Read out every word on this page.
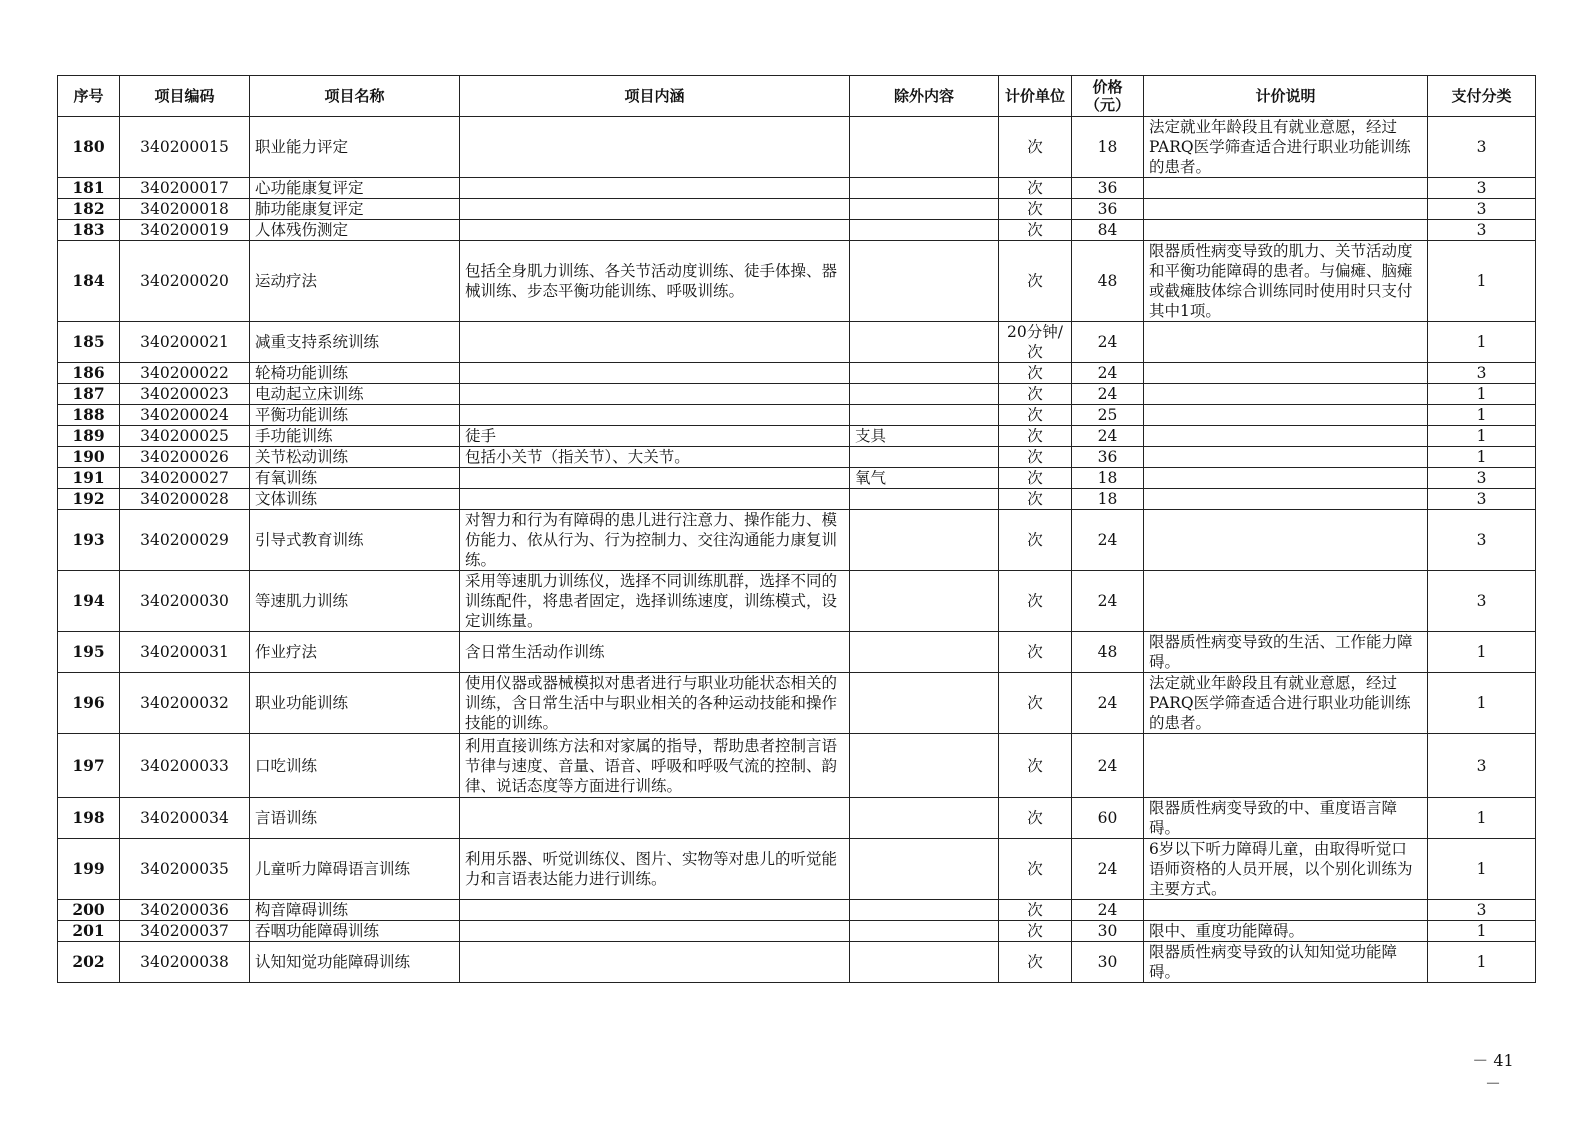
序号	项目编码	项目名称	项目内涵	除外内容	计价单位	价格（元）	计价说明	支付分类
180	340200015	职业能力评定			次	18	法定就业年龄段且有就业意愿，经过PARQ医学筛查适合进行职业功能训练的患者。	3
181	340200017	心功能康复评定			次	36		3
182	340200018	肺功能康复评定			次	36		3
183	340200019	人体残伤测定			次	84		3
184	340200020	运动疗法	包括全身肌力训练、各关节活动度训练、徒手体操、器械训练、步态平衡功能训练、呼吸训练。		次	48	限器质性病变导致的肌力、关节活动度和平衡功能障碍的患者。与偏瘫、脑瘫或截瘫肢体综合训练同时使用时只支付其中1项。	1
185	340200021	减重支持系统训练			20分钟/次	24		1
186	340200022	轮椅功能训练			次	24		3
187	340200023	电动起立床训练			次	24		1
188	340200024	平衡功能训练			次	25		1
189	340200025	手功能训练	徒手	支具	次	24		1
190	340200026	关节松动训练	包括小关节（指关节）、大关节。		次	36		1
191	340200027	有氧训练		氧气	次	18		3
192	340200028	文体训练			次	18		3
193	340200029	引导式教育训练	对智力和行为有障碍的患儿进行注意力、操作能力、模仿能力、依从行为、行为控制力、交往沟通能力康复训练。		次	24		3
194	340200030	等速肌力训练	采用等速肌力训练仪，选择不同训练肌群，选择不同的训练配件，将患者固定，选择训练速度，训练模式，设定训练量。		次	24		3
195	340200031	作业疗法	含日常生活动作训练		次	48	限器质性病变导致的生活、工作能力障碍。	1
196	340200032	职业功能训练	使用仪器或器械模拟对患者进行与职业功能状态相关的训练，含日常生活中与职业相关的各种运动技能和操作技能的训练。		次	24	法定就业年龄段且有就业意愿，经过PARQ医学筛查适合进行职业功能训练的患者。	1
197	340200033	口吃训练	利用直接训练方法和对家属的指导，帮助患者控制言语节律与速度、音量、语音、呼吸和呼吸气流的控制、韵律、说话态度等方面进行训练。		次	24		3
198	340200034	言语训练			次	60	限器质性病变导致的中、重度语言障碍。	1
199	340200035	儿童听力障碍语言训练	利用乐器、听觉训练仪、图片、实物等对患儿的听觉能力和言语表达能力进行训练。		次	24	6岁以下听力障碍儿童，由取得听觉口语师资格的人员开展，以个别化训练为主要方式。	1
200	340200036	构音障碍训练			次	24		3
201	340200037	吞咽功能障碍训练			次	30	限中、重度功能障碍。	1
202	340200038	认知知觉功能障碍训练			次	30	限器质性病变导致的认知知觉功能障碍。	1
－ 41 －
